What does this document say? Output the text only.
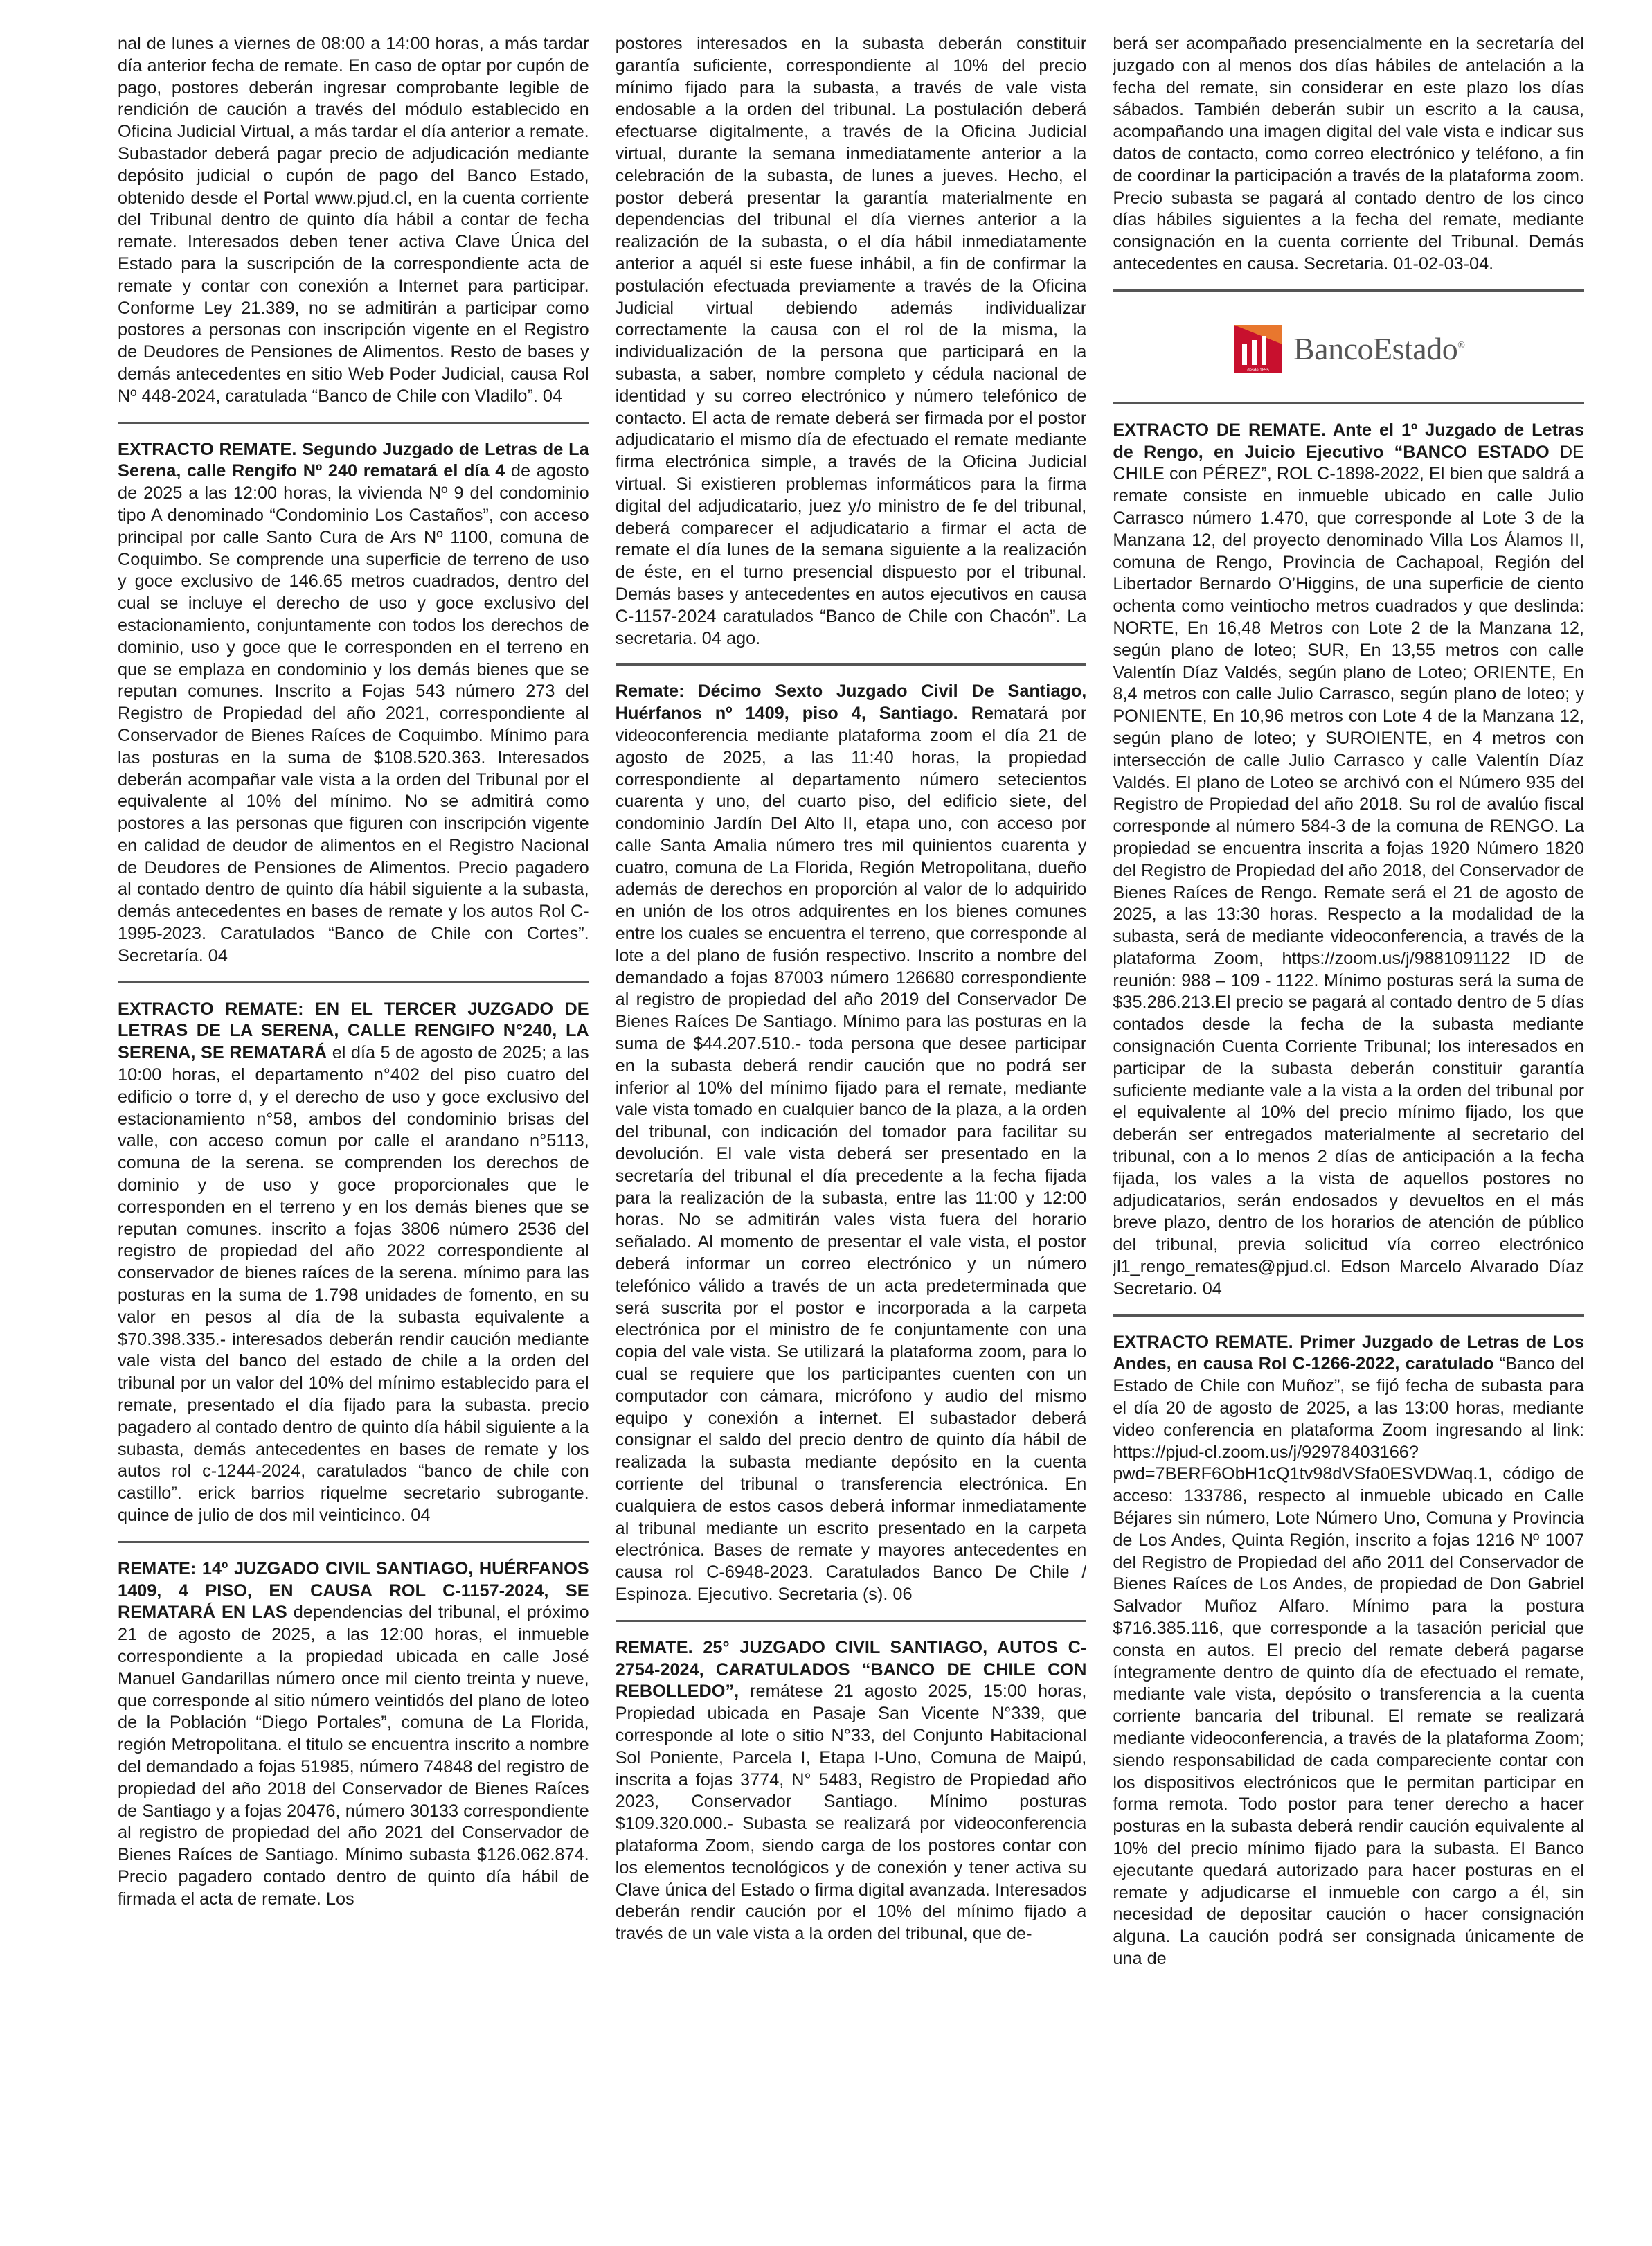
nal de lunes a viernes de 08:00 a 14:00 horas, a más tardar día anterior fecha de remate. En caso de optar por cupón de pago, postores deberán ingresar comprobante legible de rendición de caución a través del módulo establecido en Oficina Judicial Virtual, a más tardar el día anterior a remate. Subastador deberá pagar precio de adjudicación mediante depósito judicial o cupón de pago del Banco Estado, obtenido desde el Portal www.pjud.cl, en la cuenta corriente del Tribunal dentro de quinto día hábil a contar de fecha remate. Interesados deben tener activa Clave Única del Estado para la suscripción de la correspondiente acta de remate y contar con conexión a Internet para participar. Conforme Ley 21.389, no se admitirán a participar como postores a personas con inscripción vigente en el Registro de Deudores de Pensiones de Alimentos. Resto de bases y demás antecedentes en sitio Web Poder Judicial, causa Rol Nº 448-2024, caratulada “Banco de Chile con Vladilo”. 04

EXTRACTO REMATE. Segundo Juzgado de Letras de La Serena, calle Rengifo Nº 240 rematará el día 4 de agosto de 2025 a las 12:00 horas, la vivienda Nº 9 del condominio tipo A denominado “Condominio Los Castaños”, con acceso principal por calle Santo Cura de Ars Nº 1100, comuna de Coquimbo. Se comprende una superficie de terreno de uso y goce exclusivo de 146.65 metros cuadrados, dentro del cual se incluye el derecho de uso y goce exclusivo del estacionamiento, conjuntamente con todos los derechos de dominio, uso y goce que le corresponden en el terreno en que se emplaza en condominio y los demás bienes que se reputan comunes. Inscrito a Fojas 543 número 273 del Registro de Propiedad del año 2021, correspondiente al Conservador de Bienes Raíces de Coquimbo. Mínimo para las posturas en la suma de $108.520.363. Interesados deberán acompañar vale vista a la orden del Tribunal por el equivalente al 10% del mínimo. No se admitirá como postores a las personas que figuren con inscripción vigente en calidad de deudor de alimentos en el Registro Nacional de Deudores de Pensiones de Alimentos. Precio pagadero al contado dentro de quinto día hábil siguiente a la subasta, demás antecedentes en bases de remate y los autos Rol C-1995-2023. Caratulados “Banco de Chile con Cortes”. Secretaría. 04

EXTRACTO REMATE: EN EL TERCER JUZGADO DE LETRAS DE LA SERENA, CALLE RENGIFO N°240, LA SERENA, SE REMATARÁ el día 5 de agosto de 2025; a las 10:00 horas, el departamento n°402 del piso cuatro del edificio o torre d, y el derecho de uso y goce exclusivo del estacionamiento n°58, ambos del condominio brisas del valle, con acceso comun por calle el arandano n°5113, comuna de la serena. se comprenden los derechos de dominio y de uso y goce proporcionales que le corresponden en el terreno y en los demás bienes que se reputan comunes. inscrito a fojas 3806 número 2536 del registro de propiedad del año 2022 correspondiente al conservador de bienes raíces de la serena. mínimo para las posturas en la suma de 1.798 unidades de fomento, en su valor en pesos al día de la subasta equivalente a $70.398.335.- interesados deberán rendir caución mediante vale vista del banco del estado de chile a la orden del tribunal por un valor del 10% del mínimo establecido para el remate, presentado el día fijado para la subasta. precio pagadero al contado dentro de quinto día hábil siguiente a la subasta, demás antecedentes en bases de remate y los autos rol c-1244-2024, caratulados “banco de chile con castillo”. erick barrios riquelme secretario subrogante. quince de julio de dos mil veinticinco. 04

REMATE: 14º JUZGADO CIVIL SANTIAGO, HUÉRFANOS 1409, 4 PISO, EN CAUSA ROL C-1157-2024, SE REMATARÁ EN LAS dependencias del tribunal, el próximo 21 de agosto de 2025, a las 12:00 horas, el inmueble correspondiente a la propiedad ubicada en calle José Manuel Gandarillas número once mil ciento treinta y nueve, que corresponde al sitio número veintidós del plano de loteo de la Población “Diego Portales”, comuna de La Florida, región Metropolitana. el titulo se encuentra inscrito a nombre del demandado a fojas 51985, número 74848 del registro de propiedad del año 2018 del Conservador de Bienes Raíces de Santiago y a fojas 20476, número 30133 correspondiente al registro de propiedad del año 2021 del Conservador de Bienes Raíces de Santiago. Mínimo subasta $126.062.874. Precio pagadero contado dentro de quinto día hábil de firmada el acta de remate. Los

postores interesados en la subasta deberán constituir garantía suficiente, correspondiente al 10% del precio mínimo fijado para la subasta, a través de vale vista endosable a la orden del tribunal. La postulación deberá efectuarse digitalmente, a través de la Oficina Judicial virtual, durante la semana inmediatamente anterior a la celebración de la subasta, de lunes a jueves. Hecho, el postor deberá presentar la garantía materialmente en dependencias del tribunal el día viernes anterior a la realización de la subasta, o el día hábil inmediatamente anterior a aquél si este fuese inhábil, a fin de confirmar la postulación efectuada previamente a través de la Oficina Judicial virtual debiendo además individualizar correctamente la causa con el rol de la misma, la individualización de la persona que participará en la subasta, a saber, nombre completo y cédula nacional de identidad y su correo electrónico y número telefónico de contacto. El acta de remate deberá ser firmada por el postor adjudicatario el mismo día de efectuado el remate mediante firma electrónica simple, a través de la Oficina Judicial virtual. Si existieren problemas informáticos para la firma digital del adjudicatario, juez y/o ministro de fe del tribunal, deberá comparecer el adjudicatario a firmar el acta de remate el día lunes de la semana siguiente a la realización de éste, en el turno presencial dispuesto por el tribunal. Demás bases y antecedentes en autos ejecutivos en causa C-1157-2024 caratulados “Banco de Chile con Chacón”. La secretaria. 04 ago.

Remate: Décimo Sexto Juzgado Civil De Santiago, Huérfanos nº 1409, piso 4, Santiago. Rematará por videoconferencia mediante plataforma zoom el día 21 de agosto de 2025, a las 11:40 horas, la propiedad correspondiente al departamento número setecientos cuarenta y uno, del cuarto piso, del edificio siete, del condominio Jardín Del Alto II, etapa uno, con acceso por calle Santa Amalia número tres mil quinientos cuarenta y cuatro, comuna de La Florida, Región Metropolitana, dueño además de derechos en proporción al valor de lo adquirido en unión de los otros adquirentes en los bienes comunes entre los cuales se encuentra el terreno, que corresponde al lote a del plano de fusión respectivo. Inscrito a nombre del demandado a fojas 87003 número 126680 correspondiente al registro de propiedad del año 2019 del Conservador De Bienes Raíces De Santiago. Mínimo para las posturas en la suma de $44.207.510.- toda persona que desee participar en la subasta deberá rendir caución que no podrá ser inferior al 10% del mínimo fijado para el remate, mediante vale vista tomado en cualquier banco de la plaza, a la orden del tribunal, con indicación del tomador para facilitar su devolución. El vale vista deberá ser presentado en la secretaría del tribunal el día precedente a la fecha fijada para la realización de la subasta, entre las 11:00 y 12:00 horas. No se admitirán vales vista fuera del horario señalado. Al momento de presentar el vale vista, el postor deberá informar un correo electrónico y un número telefónico válido a través de un acta predeterminada que será suscrita por el postor e incorporada a la carpeta electrónica por el ministro de fe conjuntamente con una copia del vale vista. Se utilizará la plataforma zoom, para lo cual se requiere que los participantes cuenten con un computador con cámara, micrófono y audio del mismo equipo y conexión a internet. El subastador deberá consignar el saldo del precio dentro de quinto día hábil de realizada la subasta mediante depósito en la cuenta corriente del tribunal o transferencia electrónica. En cualquiera de estos casos deberá informar inmediatamente al tribunal mediante un escrito presentado en la carpeta electrónica. Bases de remate y mayores antecedentes en causa rol C-6948-2023. Caratulados Banco De Chile / Espinoza. Ejecutivo. Secretaria (s). 06

REMATE. 25° JUZGADO CIVIL SANTIAGO, AUTOS C-2754-2024, CARATULADOS “BANCO DE CHILE CON REBOLLEDO”, remátese 21 agosto 2025, 15:00 horas, Propiedad ubicada en Pasaje San Vicente N°339, que corresponde al lote o sitio N°33, del Conjunto Habitacional Sol Poniente, Parcela I, Etapa I-Uno, Comuna de Maipú, inscrita a fojas 3774, N° 5483, Registro de Propiedad año 2023, Conservador Santiago. Mínimo posturas $109.320.000.- Subasta se realizará por videoconferencia plataforma Zoom, siendo carga de los postores contar con los elementos tecnológicos y de conexión y tener activa su Clave única del Estado o firma digital avanzada. Interesados deberán rendir caución por el 10% del mínimo fijado a través de un vale vista a la orden del tribunal, que de-

berá ser acompañado presencialmente en la secretaría del juzgado con al menos dos días hábiles de antelación a la fecha del remate, sin considerar en este plazo los días sábados. También deberán subir un escrito a la causa, acompañando una imagen digital del vale vista e indicar sus datos de contacto, como correo electrónico y teléfono, a fin de coordinar la participación a través de la plataforma zoom. Precio subasta se pagará al contado dentro de los cinco días hábiles siguientes a la fecha del remate, mediante consignación en la cuenta corriente del Tribunal. Demás antecedentes en causa. Secretaria. 01-02-03-04.

desde 1855
BancoEstado®

EXTRACTO DE REMATE. Ante el 1º Juzgado de Letras de Rengo, en Juicio Ejecutivo “BANCO ESTADO DE CHILE con PÉREZ”, ROL C-1898-2022, El bien que saldrá a remate consiste en inmueble ubicado en calle Julio Carrasco número 1.470, que corresponde al Lote 3 de la Manzana 12, del proyecto denominado Villa Los Álamos II, comuna de Rengo, Provincia de Cachapoal, Región del Libertador Bernardo O’Higgins, de una superficie de ciento ochenta como veintiocho metros cuadrados y que deslinda: NORTE, En 16,48 Metros con Lote 2 de la Manzana 12, según plano de loteo; SUR, En 13,55 metros con calle Valentín Díaz Valdés, según plano de Loteo; ORIENTE, En 8,4 metros con calle Julio Carrasco, según plano de loteo; y PONIENTE, En 10,96 metros con Lote 4 de la Manzana 12, según plano de loteo; y SUROIENTE, en 4 metros con intersección de calle Julio Carrasco y calle Valentín Díaz Valdés. El plano de Loteo se archivó con el Número 935 del Registro de Propiedad del año 2018. Su rol de avalúo fiscal corresponde al número 584-3 de la comuna de RENGO. La propiedad se encuentra inscrita a fojas 1920 Número 1820 del Registro de Propiedad del año 2018, del Conservador de Bienes Raíces de Rengo. Remate será el 21 de agosto de 2025, a las 13:30 horas. Respecto a la modalidad de la subasta, será de mediante videoconferencia, a través de la plataforma Zoom, https://zoom.us/j/9881091122 ID de reunión: 988 – 109 - 1122. Mínimo posturas será la suma de $35.286.213.El precio se pagará al contado dentro de 5 días contados desde la fecha de la subasta mediante consignación Cuenta Corriente Tribunal; los interesados en participar de la subasta deberán constituir garantía suficiente mediante vale a la vista a la orden del tribunal por el equivalente al 10% del precio mínimo fijado, los que deberán ser entregados materialmente al secretario del tribunal, con a lo menos 2 días de anticipación a la fecha fijada, los vales a la vista de aquellos postores no adjudicatarios, serán endosados y devueltos en el más breve plazo, dentro de los horarios de atención de público del tribunal, previa solicitud vía correo electrónico jl1_rengo_remates@pjud.cl. Edson Marcelo Alvarado Díaz Secretario. 04

EXTRACTO REMATE. Primer Juzgado de Letras de Los Andes, en causa Rol C-1266-2022, caratulado “Banco del Estado de Chile con Muñoz”, se fijó fecha de subasta para el día 20 de agosto de 2025, a las 13:00 horas, mediante video conferencia en plataforma Zoom ingresando al link: https://pjud-cl.zoom.us/j/92978403166?pwd=7BERF6ObH1cQ1tv98dVSfa0ESVDWaq.1, código de acceso: 133786, respecto al inmueble ubicado en Calle Béjares sin número, Lote Número Uno, Comuna y Provincia de Los Andes, Quinta Región, inscrito a fojas 1216 Nº 1007 del Registro de Propiedad del año 2011 del Conservador de Bienes Raíces de Los Andes, de propiedad de Don Gabriel Salvador Muñoz Alfaro. Mínimo para la postura $716.385.116, que corresponde a la tasación pericial que consta en autos. El precio del remate deberá pagarse íntegramente dentro de quinto día de efectuado el remate, mediante vale vista, depósito o transferencia a la cuenta corriente bancaria del tribunal. El remate se realizará mediante videoconferencia, a través de la plataforma Zoom; siendo responsabilidad de cada compareciente contar con los dispositivos electrónicos que le permitan participar en forma remota. Todo postor para tener derecho a hacer posturas en la subasta deberá rendir caución equivalente al 10% del precio mínimo fijado para la subasta. El Banco ejecutante quedará autorizado para hacer posturas en el remate y adjudicarse el inmueble con cargo a él, sin necesidad de depositar caución o hacer consignación alguna. La caución podrá ser consignada únicamente de una de
